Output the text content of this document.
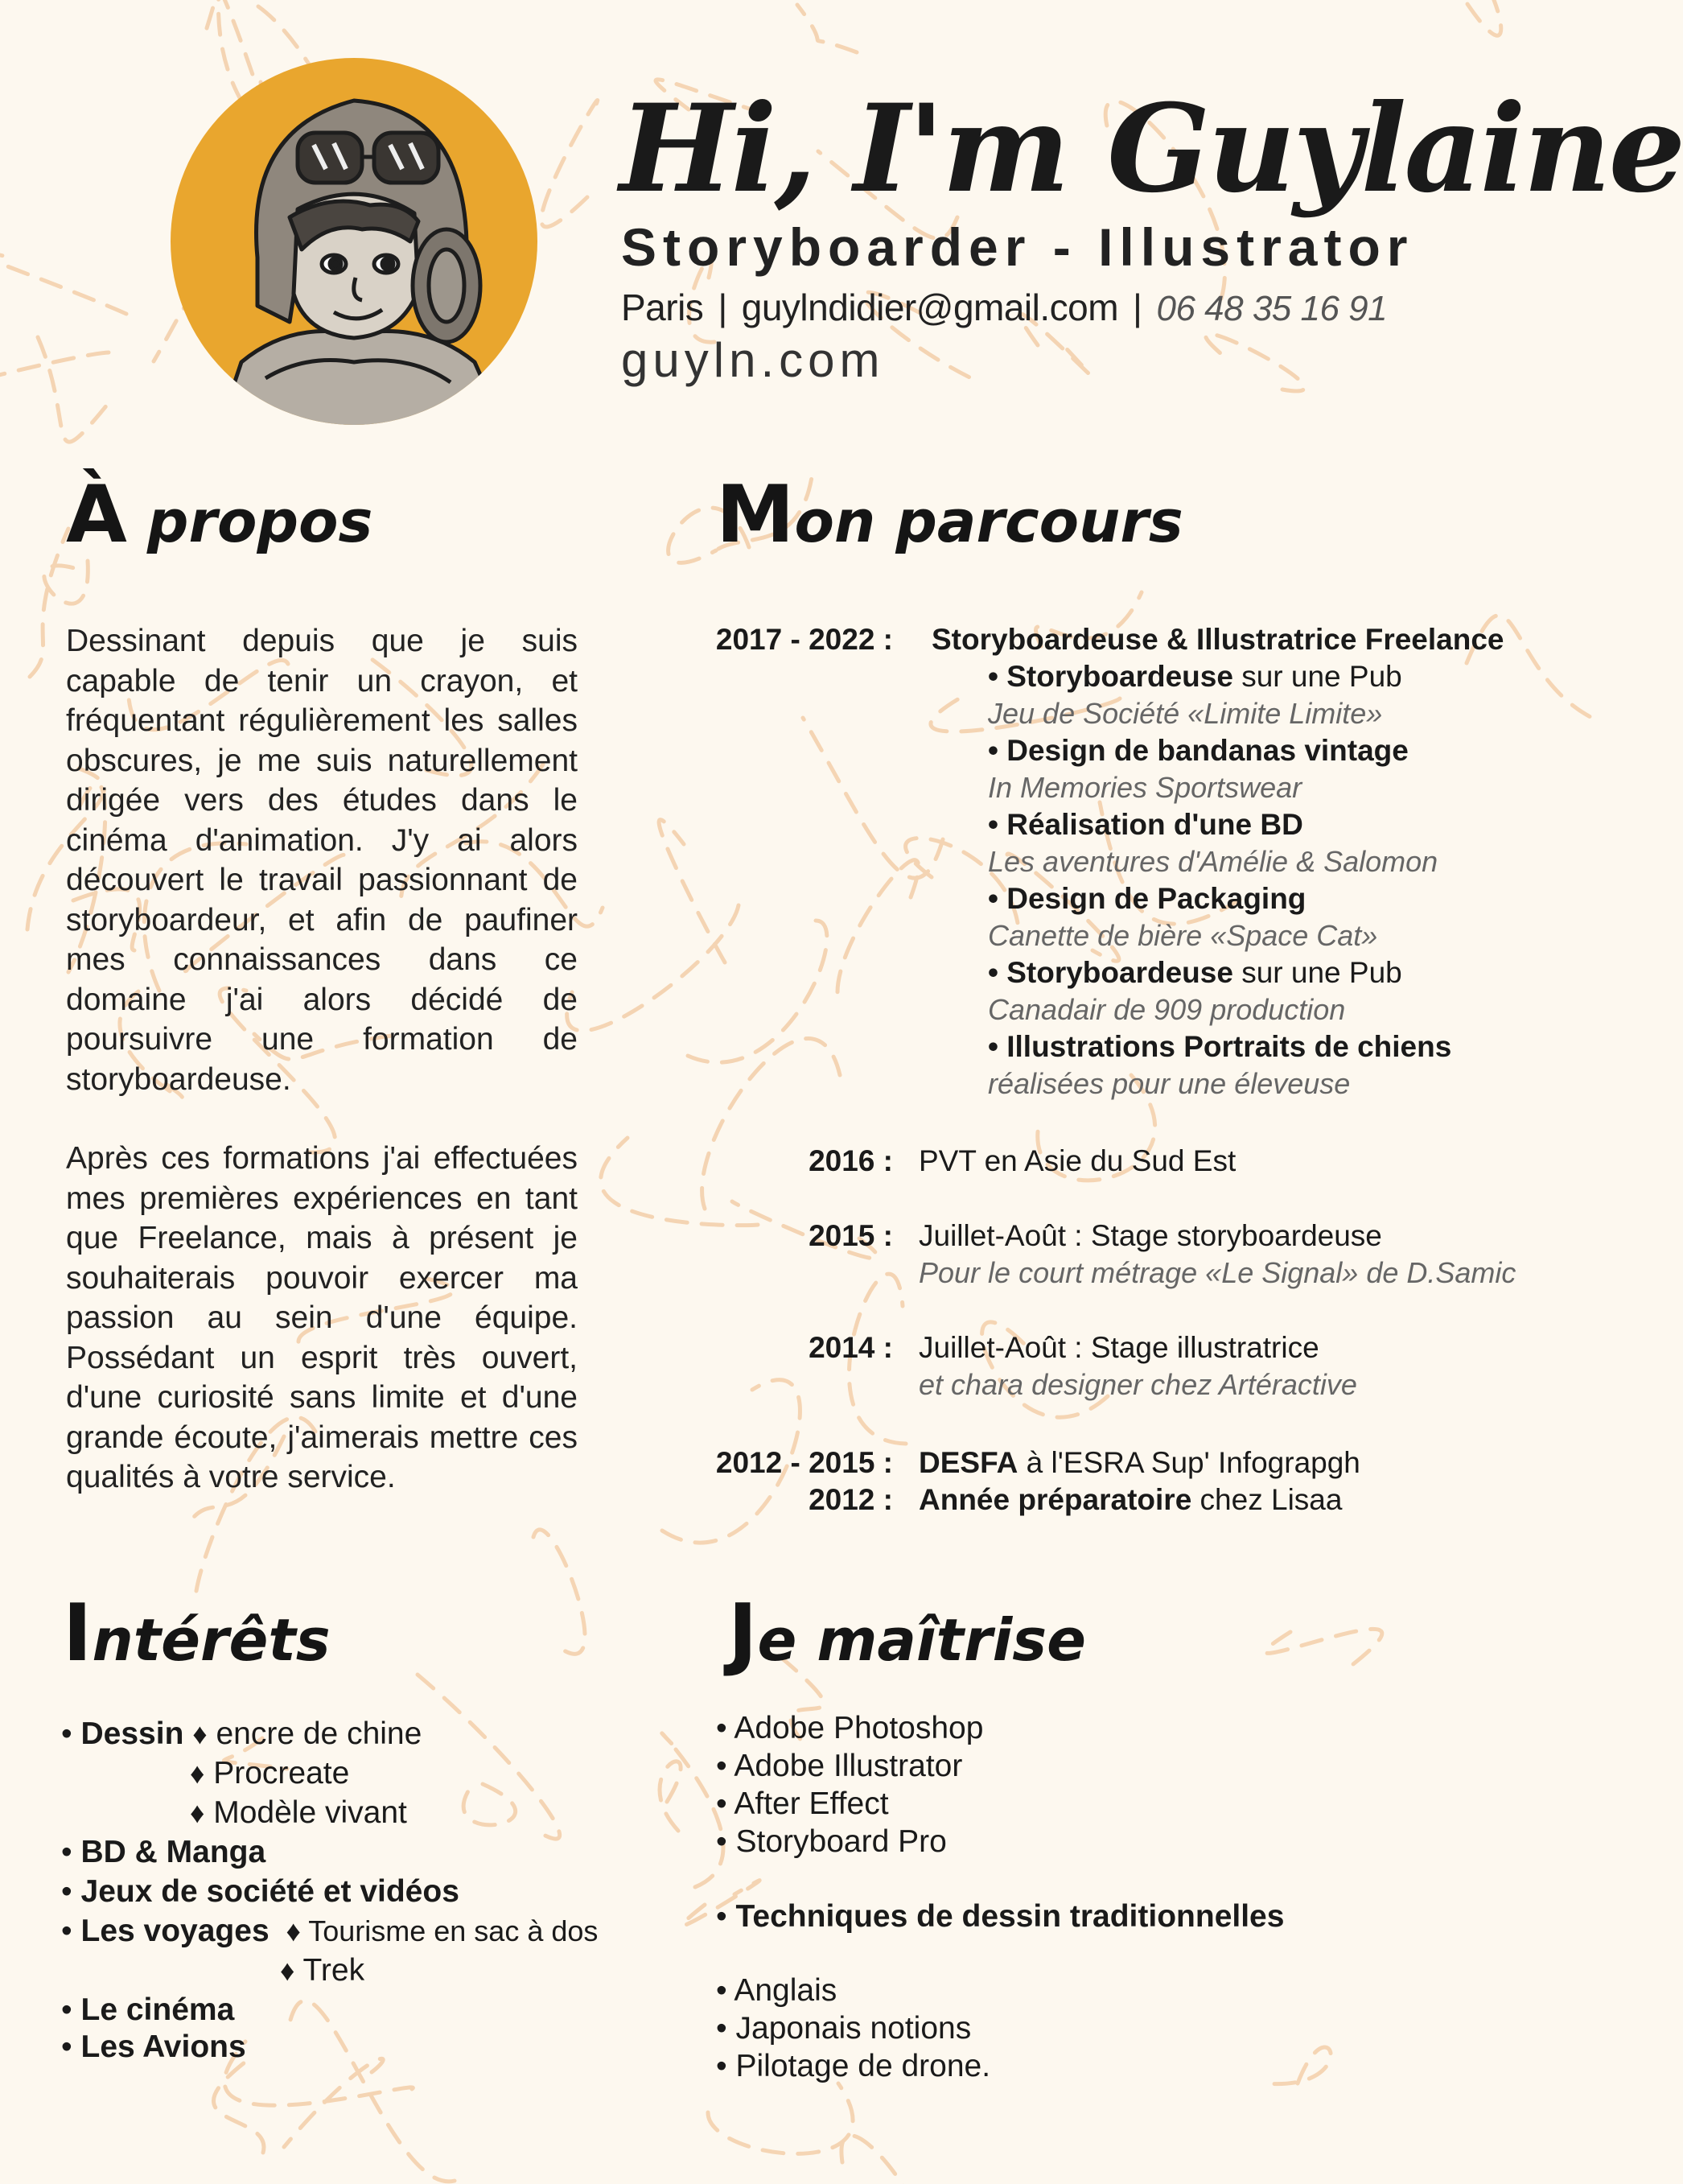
Hi, I'm Guylaine
Storyboarder - Illustrator
Paris | guylndidier@gmail.com | 06 48 35 16 91
guyln.com
À propos	Mon parcours
Intérêts	Je maîtrise

Dessinant depuis que je suis capable de tenir un crayon, et fréquentant régulièrement les salles obscures, je me suis naturellement dirigée vers des études dans le cinéma d'animation. J'y ai alors découvert le travail passionnant de storyboardeur, et afin de paufiner mes connaissances dans ce domaine j'ai alors décidé de poursuivre une formation de storyboardeuse.

Après ces formations j'ai effectuées mes premières expériences en tant que Freelance, mais à présent je souhaiterais pouvoir exercer ma passion au sein d'une équipe. Possédant un esprit très ouvert, d'une curiosité sans limite et d'une grande écoute, j'aimerais mettre ces qualités à votre service.

2017 - 2022 : Storyboardeuse & Illustratrice Freelance
• Storyboardeuse sur une Pub
Jeu de Société «Limite Limite»
• Design de bandanas vintage
In Memories Sportswear
• Réalisation d'une BD
Les aventures d'Amélie & Salomon
• Design de Packaging
Canette de bière «Space Cat»
• Storyboardeuse sur une Pub
Canadair de 909 production
• Illustrations Portraits de chiens
réalisées pour une éleveuse
2016 : PVT en Asie du Sud Est
2015 : Juillet-Août : Stage storyboardeuse
Pour le court métrage «Le Signal» de D.Samic
2014 : Juillet-Août : Stage illustratrice
et chara designer chez Artéractive
2012 - 2015 : DESFA à l'ESRA Sup' Infograpgh
2012 : Année préparatoire chez Lisaa
• Dessin ♦ encre de chine
♦ Procreate
♦ Modèle vivant
• BD & Manga
• Jeux de société et vidéos
• Les voyages  ♦ Tourisme en sac à dos
♦ Trek
• Le cinéma
• Les Avions
• Adobe Photoshop
• Adobe Illustrator
• After Effect
• Storyboard Pro
• Techniques de dessin traditionnelles
• Anglais
• Japonais notions
• Pilotage de drone.
